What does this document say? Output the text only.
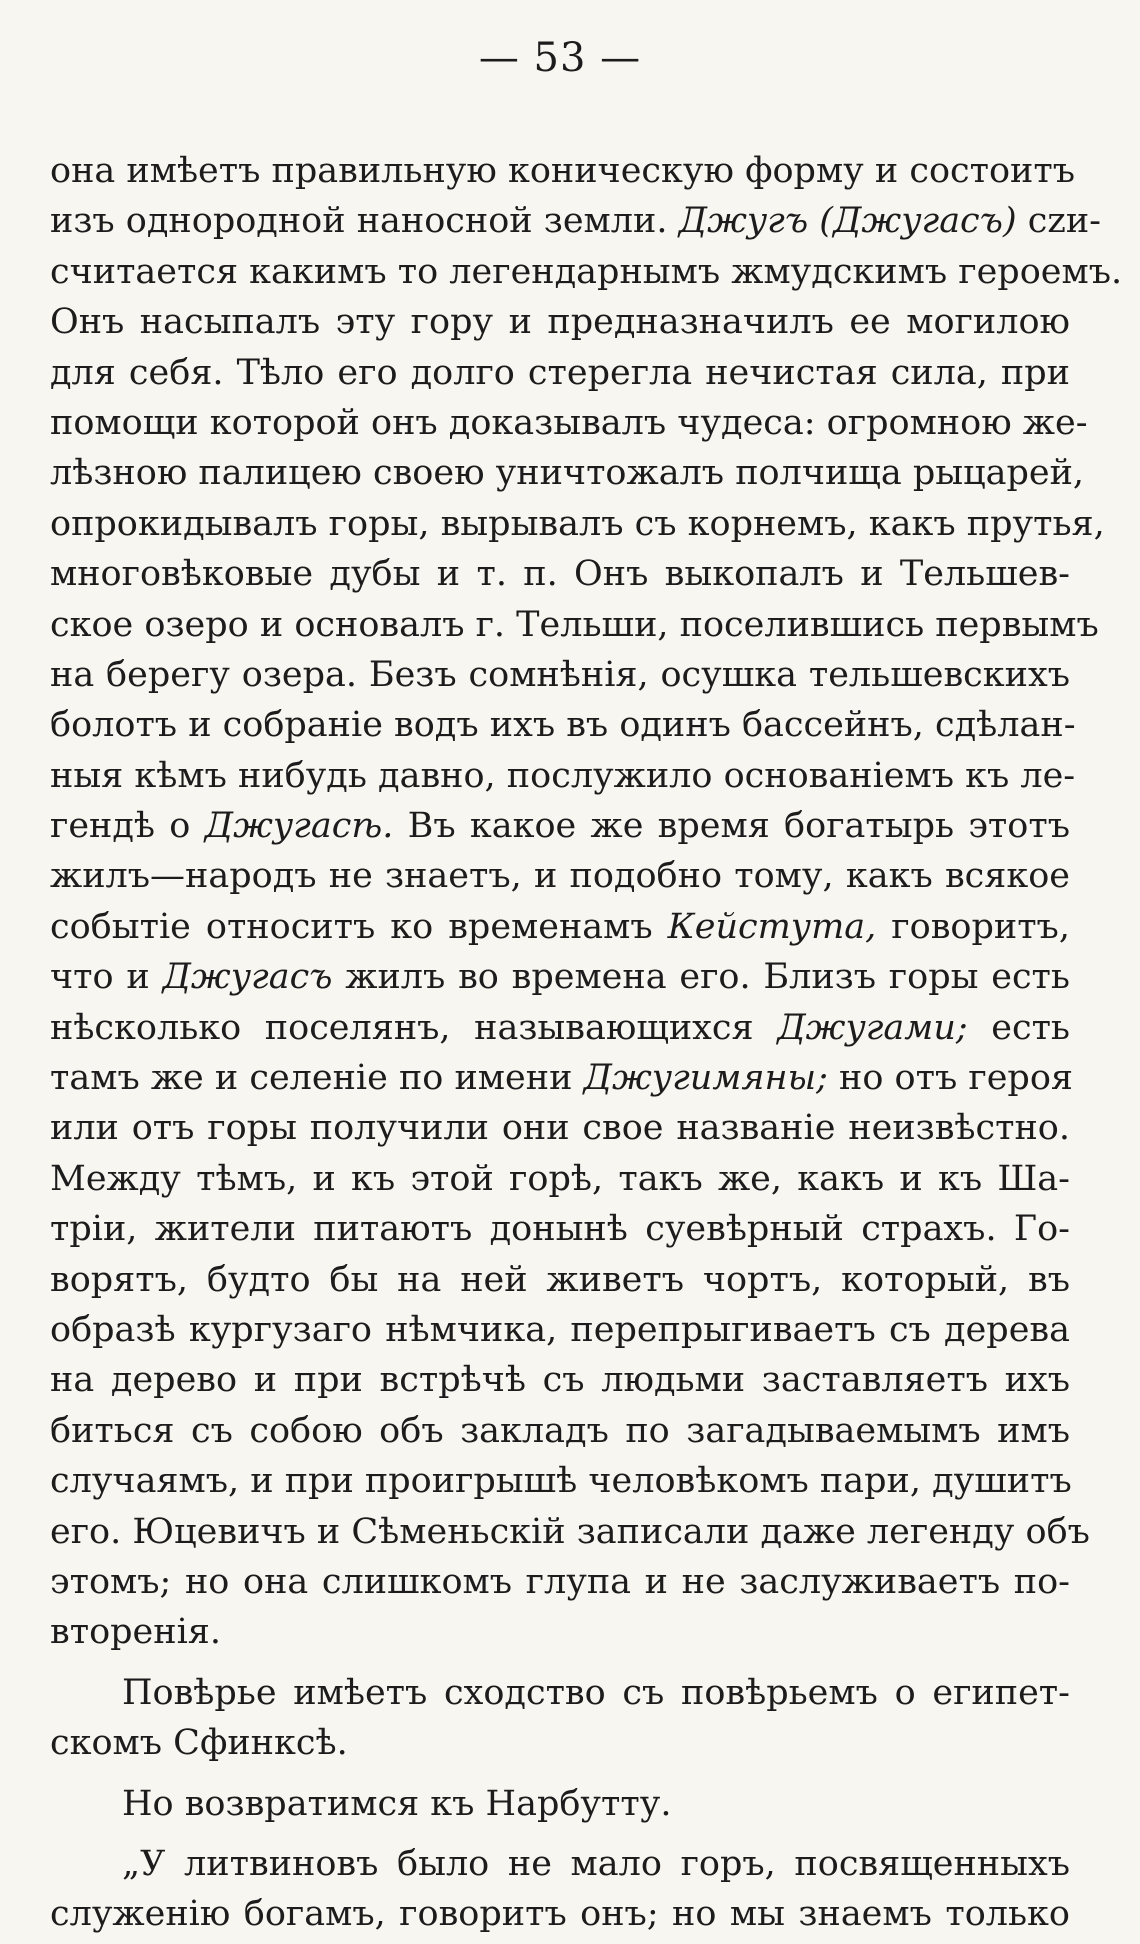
— 53 —
она имѣетъ правильную коническую форму и состоитъ
изъ однородной наносной земли. Джугъ (Джугасъ) сzи-
считается какимъ то легендарнымъ жмудскимъ героемъ.
Онъ насыпалъ эту гору и предназначилъ ее могилою
для себя. Тѣло его долго стерегла нечистая сила, при
помощи которой онъ доказывалъ чудеса: огромною же-
лѣзною палицею своею уничтожалъ полчища рыцарей,
опрокидывалъ горы, вырывалъ съ корнемъ, какъ прутья,
многовѣковые дубы и т. п. Онъ выкопалъ и Тельшев-
ское озеро и основалъ г. Тельши, поселившись первымъ
на берегу озера. Безъ сомнѣнія, осушка тельшевскихъ
болотъ и собраніе водъ ихъ въ одинъ бассейнъ, сдѣлан-
ныя кѣмъ нибудь давно, послужило основаніемъ къ ле-
гендѣ о Джугасѣ. Въ какое же время богатырь этотъ
жилъ—народъ не знаетъ, и подобно тому, какъ всякое
событіе относитъ ко временамъ Кейстута, говоритъ,
что и Джугасъ жилъ во времена его. Близъ горы есть
нѣсколько поселянъ, называющихся Джугами; есть
тамъ же и селеніе по имени Джугимяны; но отъ героя
или отъ горы получили они свое названіе неизвѣстно.
Между тѣмъ, и къ этой горѣ, такъ же, какъ и къ Ша-
тріи, жители питаютъ донынѣ суевѣрный страхъ. Го-
ворятъ, будто бы на ней живетъ чортъ, который, въ
образѣ кургузаго нѣмчика, перепрыгиваетъ съ дерева
на дерево и при встрѣчѣ съ людьми заставляетъ ихъ
биться съ собою объ закладъ по загадываемымъ имъ
случаямъ, и при проигрышѣ человѣкомъ пари, душитъ
его. Юцевичъ и Сѣменьскій записали даже легенду объ
этомъ; но она слишкомъ глупа и не заслуживаетъ по-
вторенія.
Повѣрье имѣетъ сходство съ повѣрьемъ о египет-
скомъ Сфинксѣ.
Но возвратимся къ Нарбутту.
„У литвиновъ было не мало горъ, посвященныхъ
служенію богамъ, говоритъ онъ; но мы знаемъ только
